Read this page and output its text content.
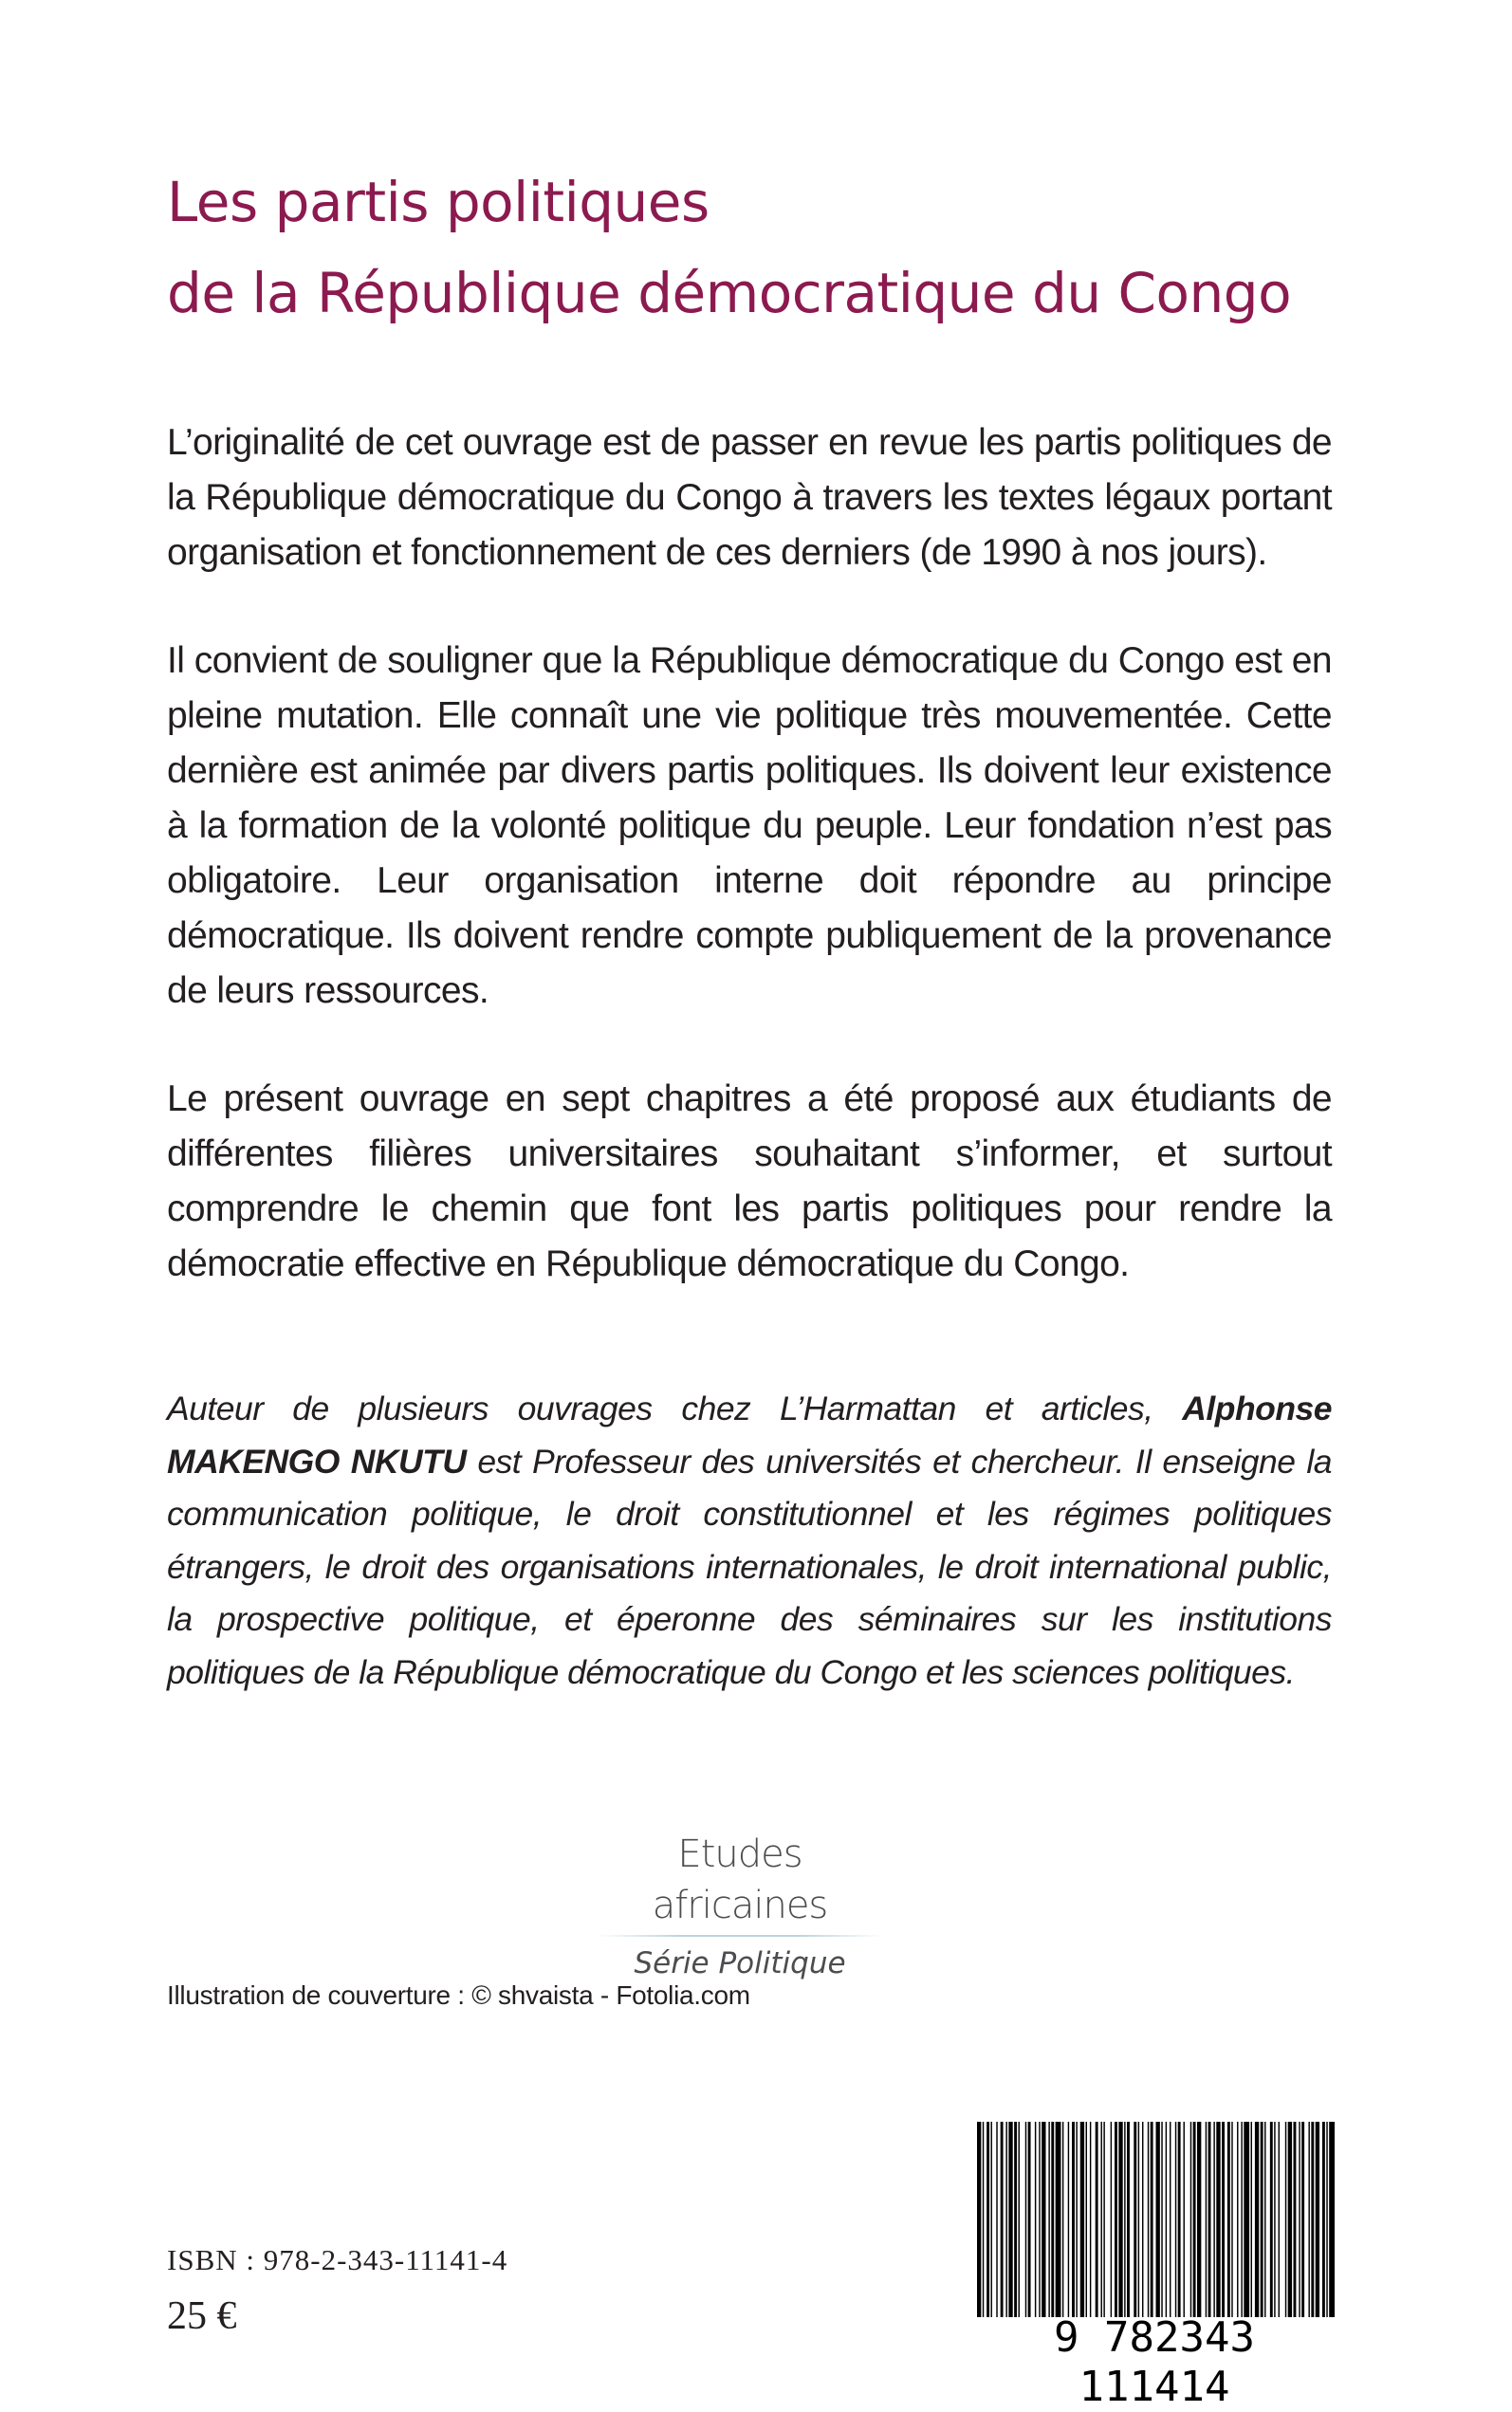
Les partis politiques
de la République démocratique du Congo

L’originalité de cet ouvrage est de passer en revue les partis politiques de la République démocratique du Congo à travers les textes légaux portant organisation et fonctionnement de ces derniers (de 1990 à nos jours).

Il convient de souligner que la République démocratique du Congo est en pleine mutation. Elle connaît une vie politique très mouvementée. Cette dernière est animée par divers partis politiques. Ils doivent leur existence à la formation de la volonté politique du peuple. Leur fondation n’est pas obligatoire. Leur organisation interne doit répondre au principe démocratique. Ils doivent rendre compte publiquement de la provenance de leurs ressources.

Le présent ouvrage en sept chapitres a été proposé aux étudiants de différentes filières universitaires souhaitant s’informer, et surtout comprendre le chemin que font les partis politiques pour rendre la démocratie effective en République démocratique du Congo.

Auteur de plusieurs ouvrages chez L’Harmattan et articles, Alphonse MAKENGO NKUTU est Professeur des universités et chercheur. Il enseigne la communication politique, le droit constitutionnel et les régimes politiques étrangers, le droit des organisations internationales, le droit international public, la prospective politique, et éperonne des séminaires sur les institutions politiques de la République démocratique du Congo et les sciences politiques.

Etudes africaines
Série Politique
Illustration de couverture : © shvaista - Fotolia.com
ISBN : 978-2-343-11141-4
25 €	9 782343 111414
